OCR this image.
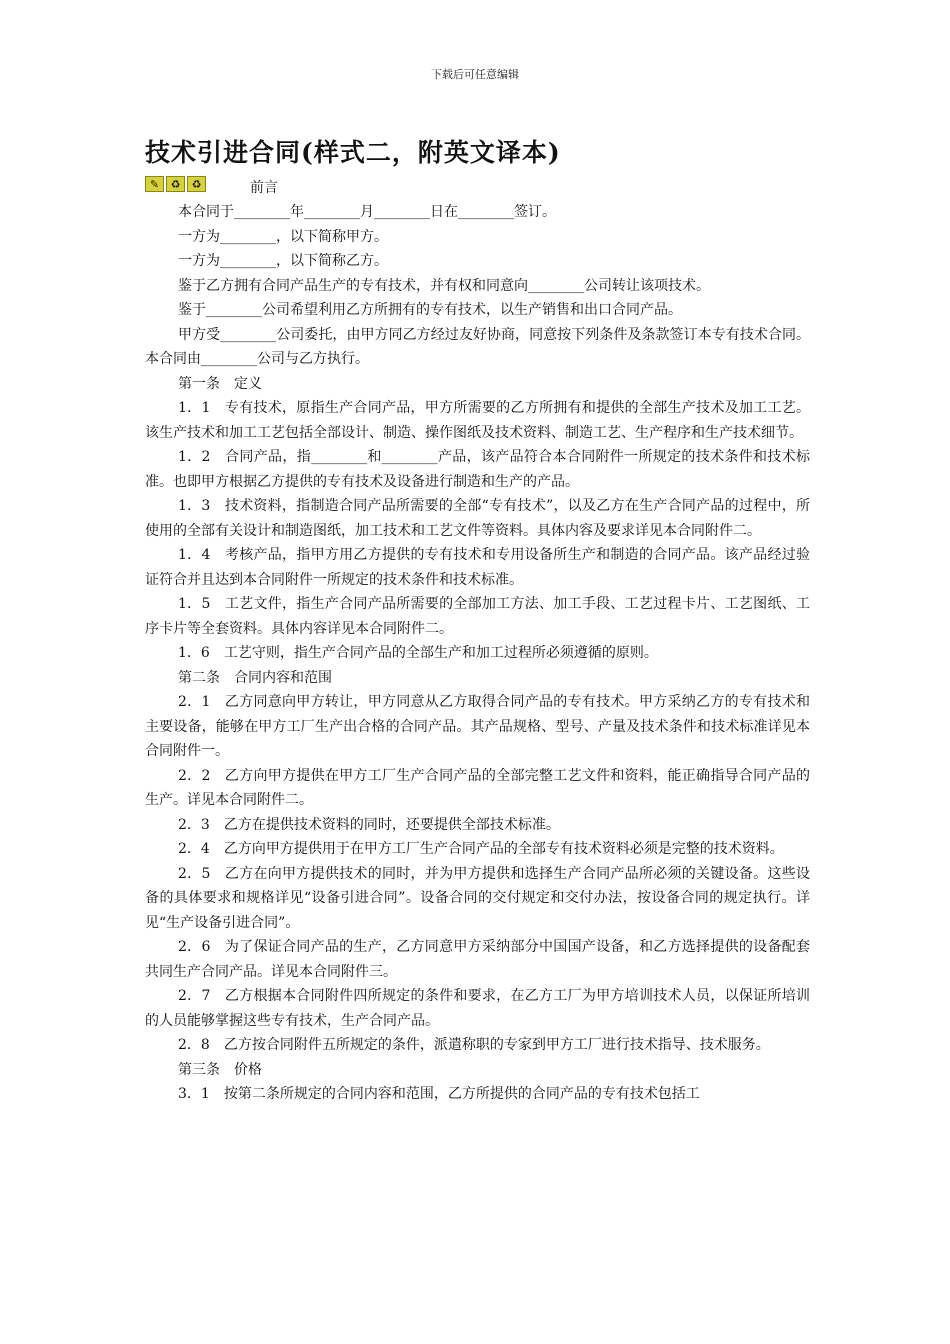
下载后可任意编辑
技术引进合同(样式二，附英文译本)
✎	♻	♻	前言

本合同于________年________月________日在________签订。

一方为________，以下简称甲方。

一方为________，以下简称乙方。

鉴于乙方拥有合同产品生产的专有技术，并有权和同意向________公司转让该项技术。

鉴于________公司希望利用乙方所拥有的专有技术，以生产销售和出口合同产品。

甲方受________公司委托，由甲方同乙方经过友好协商，同意按下列条件及条款签订本专有技术合同。本合同由________公司与乙方执行。

第一条　定义

1．1　专有技术，原指生产合同产品，甲方所需要的乙方所拥有和提供的全部生产技术及加工工艺。该生产技术和加工工艺包括全部设计、制造、操作图纸及技术资料、制造工艺、生产程序和生产技术细节。

1．2　合同产品，指________和________产品，该产品符合本合同附件一所规定的技术条件和技术标准。也即甲方根据乙方提供的专有技术及设备进行制造和生产的产品。

1．3　技术资料，指制造合同产品所需要的全部“专有技术”，以及乙方在生产合同产品的过程中，所使用的全部有关设计和制造图纸，加工技术和工艺文件等资料。具体内容及要求详见本合同附件二。

1．4　考核产品，指甲方用乙方提供的专有技术和专用设备所生产和制造的合同产品。该产品经过验证符合并且达到本合同附件一所规定的技术条件和技术标准。

1．5　工艺文件，指生产合同产品所需要的全部加工方法、加工手段、工艺过程卡片、工艺图纸、工序卡片等全套资料。具体内容详见本合同附件二。

1．6　工艺守则，指生产合同产品的全部生产和加工过程所必须遵循的原则。

第二条　合同内容和范围

2．1　乙方同意向甲方转让，甲方同意从乙方取得合同产品的专有技术。甲方采纳乙方的专有技术和主要设备，能够在甲方工厂生产出合格的合同产品。其产品规格、型号、产量及技术条件和技术标准详见本合同附件一。

2．2　乙方向甲方提供在甲方工厂生产合同产品的全部完整工艺文件和资料，能正确指导合同产品的生产。详见本合同附件二。

2．3　乙方在提供技术资料的同时，还要提供全部技术标准。

2．4　乙方向甲方提供用于在甲方工厂生产合同产品的全部专有技术资料必须是完整的技术资料。

2．5　乙方在向甲方提供技术的同时，并为甲方提供和选择生产合同产品所必须的关键设备。这些设备的具体要求和规格详见“设备引进合同”。设备合同的交付规定和交付办法，按设备合同的规定执行。详见“生产设备引进合同”。

2．6　为了保证合同产品的生产，乙方同意甲方采纳部分中国国产设备，和乙方选择提供的设备配套共同生产合同产品。详见本合同附件三。

2．7　乙方根据本合同附件四所规定的条件和要求，在乙方工厂为甲方培训技术人员，以保证所培训的人员能够掌握这些专有技术，生产合同产品。

2．8　乙方按合同附件五所规定的条件，派遣称职的专家到甲方工厂进行技术指导、技术服务。

第三条　价格

3．1　按第二条所规定的合同内容和范围，乙方所提供的合同产品的专有技术包括工
